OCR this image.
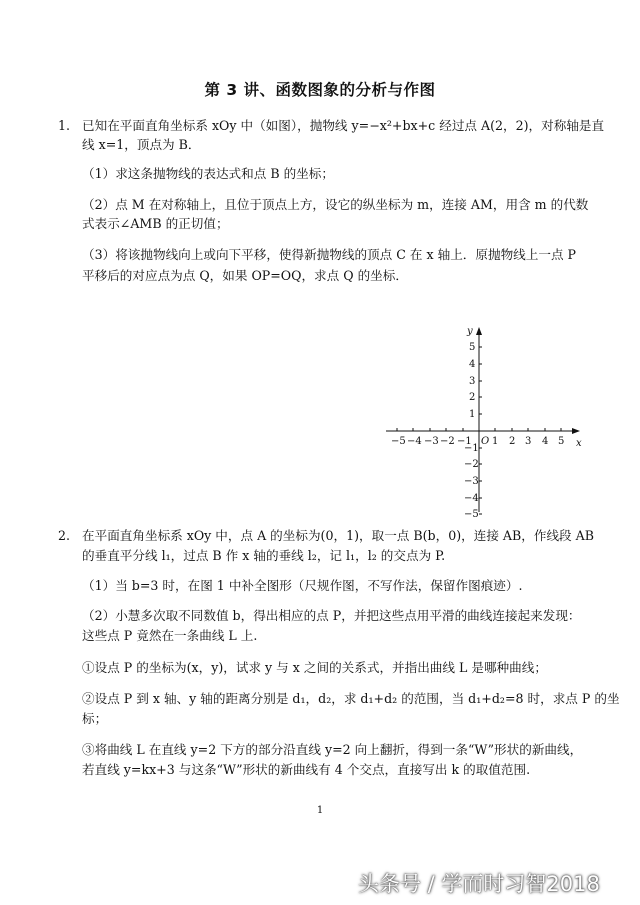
第 3 讲、函数图象的分析与作图
1. 已知在平面直角坐标系 xOy 中（如图），抛物线 y=−x²+bx+c 经过点 A(2，2)，对称轴是直
线 x=1，顶点为 B．
（1）求这条抛物线的表达式和点 B 的坐标；
（2）点 M 在对称轴上，且位于顶点上方，设它的纵坐标为 m，连接 AM，用含 m 的代数
式表示∠AMB 的正切值；
（3）将该抛物线向上或向下平移，使得新抛物线的顶点 C 在 x 轴上．原抛物线上一点 P
平移后的对应点为点 Q，如果 OP=OQ，求点 Q 的坐标．
y
x
O
−5 −4 −3 −2 −1 1 2 3 4 5
5
4
3
2
1
−1
−2
−3
−4
−5
2. 在平面直角坐标系 xOy 中，点 A 的坐标为(0，1)，取一点 B(b，0)，连接 AB，作线段 AB
的垂直平分线 l₁，过点 B 作 x 轴的垂线 l₂，记 l₁，l₂ 的交点为 P.
（1）当 b=3 时，在图 1 中补全图形（尺规作图，不写作法，保留作图痕迹）.
（2）小慧多次取不同数值 b，得出相应的点 P，并把这些点用平滑的曲线连接起来发现：
这些点 P 竟然在一条曲线 L 上.
①设点 P 的坐标为(x，y)，试求 y 与 x 之间的关系式，并指出曲线 L 是哪种曲线；
②设点 P 到 x 轴、y 轴的距离分别是 d₁，d₂，求 d₁+d₂ 的范围，当 d₁+d₂=8 时，求点 P 的坐
标；
③将曲线 L 在直线 y=2 下方的部分沿直线 y=2 向上翻折，得到一条“W”形状的新曲线，
若直线 y=kx+3 与这条“W”形状的新曲线有 4 个交点，直接写出 k 的取值范围.
1
头条号 / 学而时习智2018
